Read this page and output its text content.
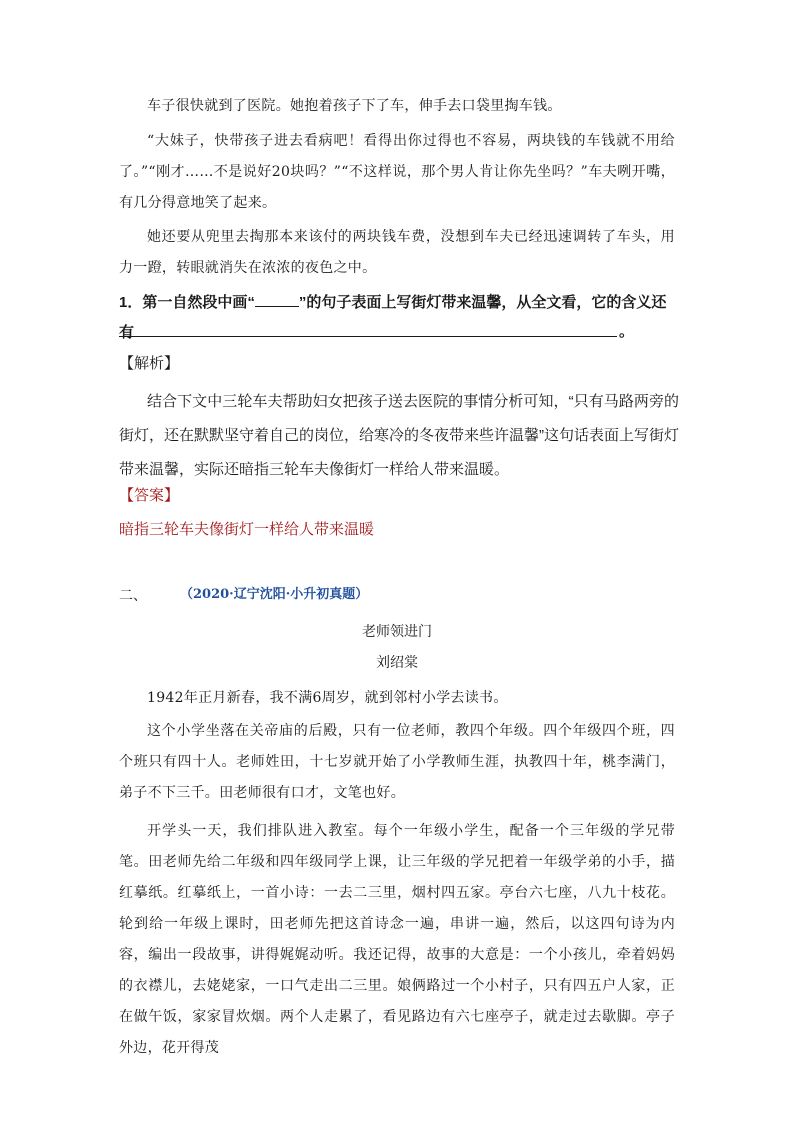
车子很快就到了医院。她抱着孩子下了车，伸手去口袋里掏车钱。

“大妹子，快带孩子进去看病吧！看得出你过得也不容易，两块钱的车钱就不用给了。”“刚才……不是说好20块吗？”“不这样说，那个男人肯让你先坐吗？”车夫咧开嘴，有几分得意地笑了起来。

她还要从兜里去掏那本来该付的两块钱车费，没想到车夫已经迅速调转了车头，用力一蹬，转眼就消失在浓浓的夜色之中。

1．第一自然段中画“	”的句子表面上写街灯带来温馨，从全文看，它的含义还有	。
【解析】

结合下文中三轮车夫帮助妇女把孩子送去医院的事情分析可知，“只有马路两旁的街灯，还在默默坚守着自己的岗位，给寒冷的冬夜带来些许温馨”这句话表面上写街灯带来温馨，实际还暗指三轮车夫像街灯一样给人带来温暖。

【答案】
暗指三轮车夫像街灯一样给人带来温暖
二、	（2020·辽宁沈阳·小升初真题）
老师领进门
刘绍棠

1942年正月新春，我不满6周岁，就到邻村小学去读书。

这个小学坐落在关帝庙的后殿，只有一位老师，教四个年级。四个年级四个班，四个班只有四十人。老师姓田，十七岁就开始了小学教师生涯，执教四十年，桃李满门，弟子不下三千。田老师很有口才，文笔也好。

开学头一天，我们排队进入教室。每个一年级小学生，配备一个三年级的学兄带笔。田老师先给二年级和四年级同学上课，让三年级的学兄把着一年级学弟的小手，描红摹纸。红摹纸上，一首小诗：一去二三里，烟村四五家。亭台六七座，八九十枝花。轮到给一年级上课时，田老师先把这首诗念一遍，串讲一遍，然后，以这四句诗为内容，编出一段故事，讲得娓娓动听。我还记得，故事的大意是：一个小孩儿，牵着妈妈的衣襟儿，去姥姥家，一口气走出二三里。娘俩路过一个小村子，只有四五户人家，正在做午饭，家家冒炊烟。两个人走累了，看见路边有六七座亭子，就走过去歇脚。亭子外边，花开得茂
